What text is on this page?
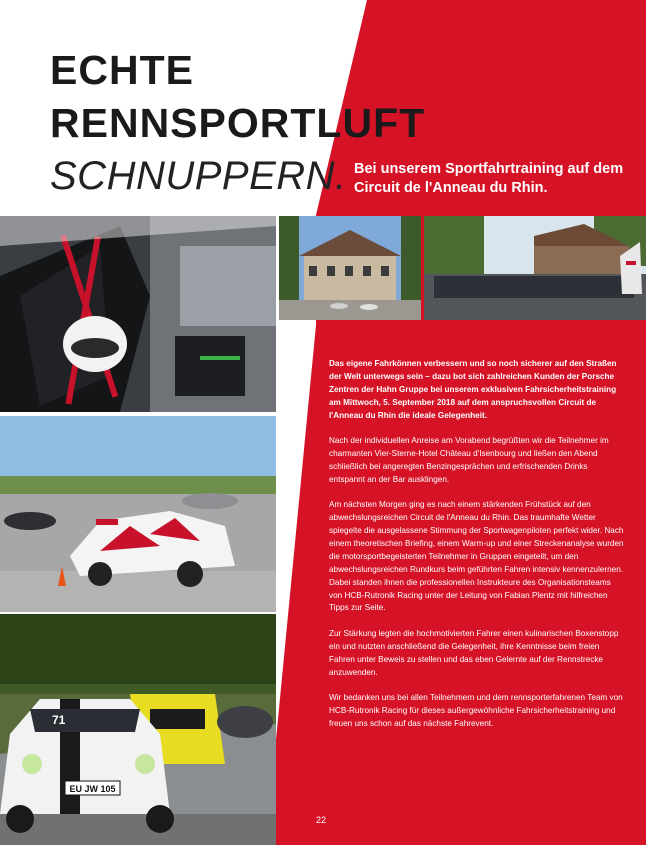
ECHTE
RENNSPORTLUFT
SCHNUPPERN. Bei unserem Sportfahrtraining auf dem Circuit de l'Anneau du Rhin.
EU JW 105
71

Das eigene Fahrkönnen verbessern und so noch sicherer auf den Straßen der Welt unterwegs sein – dazu bot sich zahlreichen Kunden der Porsche Zentren der Hahn Gruppe bei unserem exklusiven Fahrsicherheitstraining am Mittwoch, 5. September 2018 auf dem anspruchsvollen Circuit de l'Anneau du Rhin die ideale Gelegenheit.

Nach der individuellen Anreise am Vorabend begrüßten wir die Teilnehmer im charmanten Vier-Sterne-Hotel Château d'Isenbourg und ließen den Abend schließlich bei angeregten Benzingesprächen und erfrischenden Drinks entspannt an der Bar ausklingen.

Am nächsten Morgen ging es nach einem stärkenden Frühstück auf den abwechslungsreichen Circuit de l'Anneau du Rhin. Das traumhafte Wetter spiegelte die ausgelassene Stimmung der Sportwagenpiloten perfekt wider. Nach einem theoretischen Briefing, einem Warm-up und einer Streckenanalyse wurden die motorsportbegeisterten Teilnehmer in Gruppen eingeteilt, um den abwechslungsreichen Rundkurs beim geführten Fahren intensiv kennenzulernen. Dabei standen ihnen die professionellen Instrukteure des Organisationsteams von HCB-Rutronik Racing unter der Leitung von Fabian Plentz mit hilfreichen Tipps zur Seite.

Zur Stärkung legten die hochmotivierten Fahrer einen kulinarischen Boxenstopp ein und nutzten anschließend die Gelegenheit, ihre Kenntnisse beim freien Fahren unter Beweis zu stellen und das eben Gelernte auf der Rennstrecke anzuwenden.

Wir bedanken uns bei allen Teilnehmern und dem rennsporterfahrenen Team von HCB-Rutronik Racing für dieses außergewöhnliche Fahrsicherheitstraining und freuen uns schon auf das nächste Fahrevent.

22
